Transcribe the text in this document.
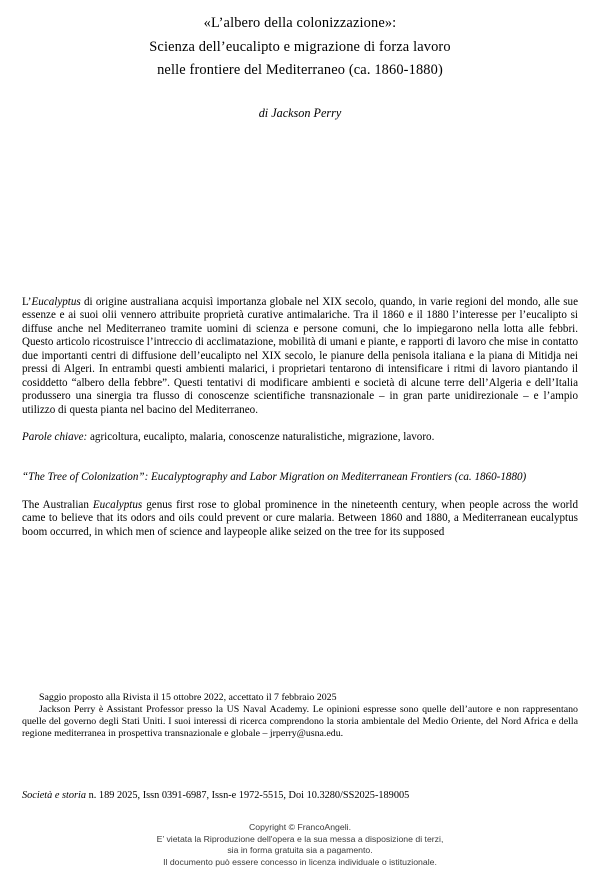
«L’albero della colonizzazione»:
Scienza dell’eucalipto e migrazione di forza lavoro
nelle frontiere del Mediterraneo (ca. 1860-1880)
di Jackson Perry

L’Eucalyptus di origine australiana acquisì importanza globale nel XIX secolo, quando, in varie regioni del mondo, alle sue essenze e ai suoi olii vennero attribuite proprietà curative antimalariche. Tra il 1860 e il 1880 l’interesse per l’eucalipto si diffuse anche nel Mediterraneo tramite uomini di scienza e persone comuni, che lo impiegarono nella lotta alle febbri. Questo articolo ricostruisce l’intreccio di acclimatazione, mobilità di umani e piante, e rapporti di lavoro che mise in contatto due importanti centri di diffusione dell’eucalipto nel XIX secolo, le pianure della penisola italiana e la piana di Mitidja nei pressi di Algeri. In entrambi questi ambienti malarici, i proprietari tentarono di intensificare i ritmi di lavoro piantando il cosiddetto “albero della febbre”. Questi tentativi di modificare ambienti e società di alcune terre dell’Algeria e dell’Italia produssero una sinergia tra flusso di conoscenze scientifiche transnazionale – in gran parte unidirezionale – e l’ampio utilizzo di questa pianta nel bacino del Mediterraneo.

Parole chiave: agricoltura, eucalipto, malaria, conoscenze naturalistiche, migrazione, lavoro.

“The Tree of Colonization”: Eucalyptography and Labor Migration on Mediterranean Frontiers (ca. 1860-1880)

The Australian Eucalyptus genus first rose to global prominence in the nineteenth century, when people across the world came to believe that its odors and oils could prevent or cure malaria. Between 1860 and 1880, a Mediterranean eucalyptus boom occurred, in which men of science and laypeople alike seized on the tree for its supposed

Saggio proposto alla Rivista il 15 ottobre 2022, accettato il 7 febbraio 2025

Jackson Perry è Assistant Professor presso la US Naval Academy. Le opinioni espresse sono quelle dell’autore e non rappresentano quelle del governo degli Stati Uniti. I suoi interessi di ricerca comprendono la storia ambientale del Medio Oriente, del Nord Africa e della regione mediterranea in prospettiva transnazionale e globale – jrperry@usna.edu.

Società e storia n. 189 2025, Issn 0391-6987, Issn-e 1972-5515, Doi 10.3280/SS2025-189005
Copyright © FrancoAngeli.
E’ vietata la Riproduzione dell'opera e la sua messa a disposizione di terzi,
sia in forma gratuita sia a pagamento.
Il documento può essere concesso in licenza individuale o istituzionale.
